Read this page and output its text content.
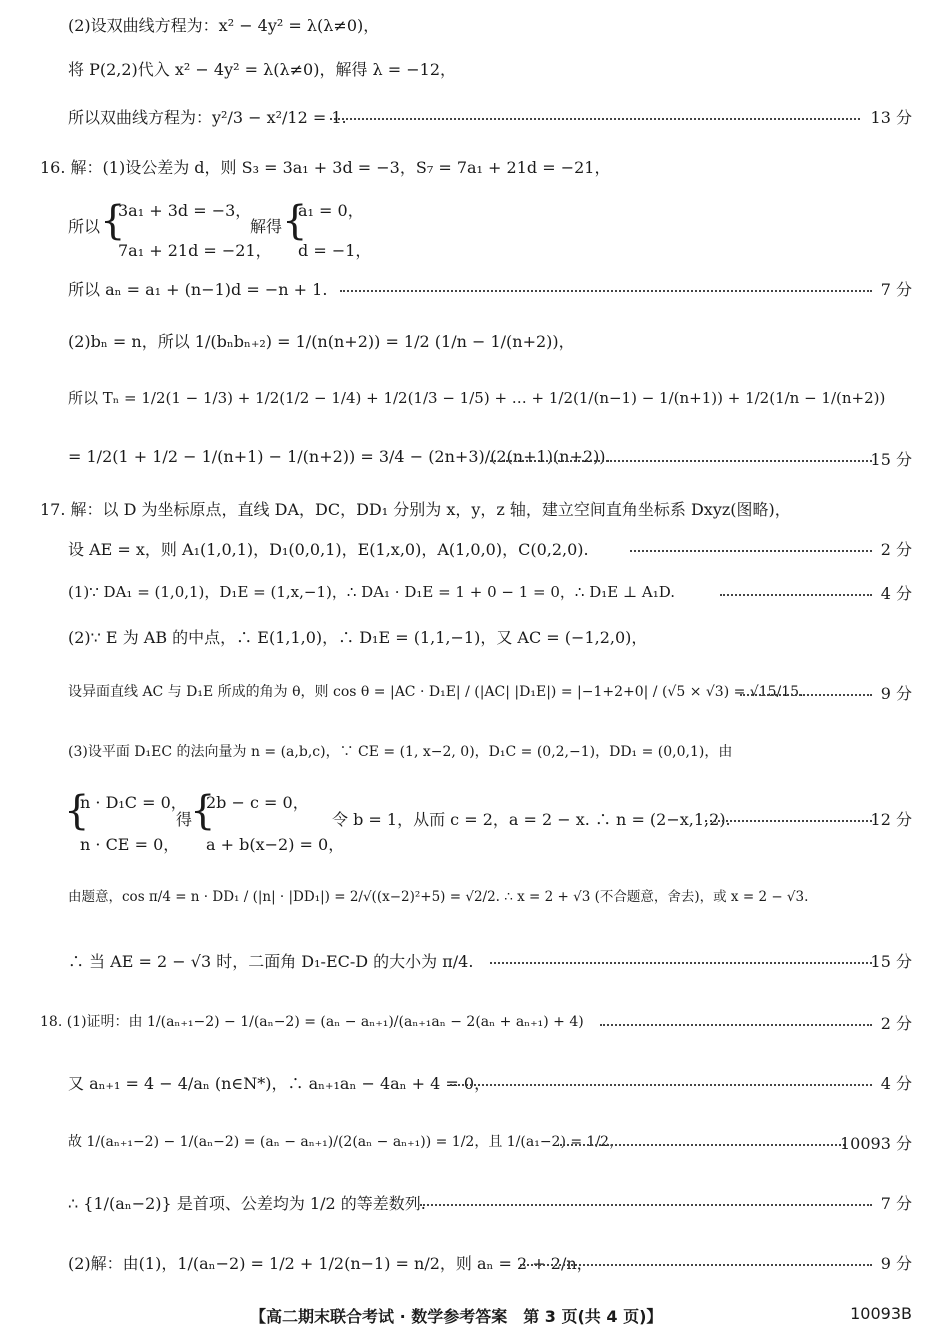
(2)设双曲线方程为：x² − 4y² = λ(λ≠0)，
将 P(2,2)代入 x² − 4y² = λ(λ≠0)，解得 λ = −12，
所以双曲线方程为：y²/3 − x²/12 = 1.	13 分
16. 解：(1)设公差为 d，则 S₃ = 3a₁ + 3d = −3，S₇ = 7a₁ + 21d = −21，
所以 {
3a₁ + 3d = −3，
7a₁ + 21d = −21，
解得 {
a₁ = 0，
d = −1，
所以 aₙ = a₁ + (n−1)d = −n + 1.	7 分
(2)bₙ = n，所以 1/(bₙbₙ₊₂) = 1/(n(n+2)) = 1/2 (1/n − 1/(n+2))，
所以 Tₙ = 1/2(1 − 1/3) + 1/2(1/2 − 1/4) + 1/2(1/3 − 1/5) + … + 1/2(1/(n−1) − 1/(n+1)) + 1/2(1/n − 1/(n+2))
= 1/2(1 + 1/2 − 1/(n+1) − 1/(n+2)) = 3/4 − (2n+3)/(2(n+1)(n+2)).	15 分
17. 解：以 D 为坐标原点，直线 DA，DC，DD₁ 分别为 x，y，z 轴，建立空间直角坐标系 Dxyz(图略)，
设 AE = x，则 A₁(1,0,1)，D₁(0,0,1)，E(1,x,0)，A(1,0,0)，C(0,2,0).	2 分
(1)∵ DA₁ = (1,0,1)，D₁E = (1,x,−1)，∴ DA₁ · D₁E = 1 + 0 − 1 = 0，∴ D₁E ⊥ A₁D.	4 分
(2)∵ E 为 AB 的中点，∴ E(1,1,0)，∴ D₁E = (1,1,−1)，又 AC = (−1,2,0)，
设异面直线 AC 与 D₁E 所成的角为 θ，则 cos θ = |AC · D₁E| / (|AC| |D₁E|) = |−1+2+0| / (√5 × √3) = √15/15.	9 分
(3)设平面 D₁EC 的法向量为 n = (a,b,c)，∵ CE = (1, x−2, 0)，D₁C = (0,2,−1)，DD₁ = (0,0,1)，由
{
n · D₁C = 0，
n · CE = 0，
得
{
2b − c = 0，
a + b(x−2) = 0，
令 b = 1，从而 c = 2，a = 2 − x. ∴ n = (2−x,1,2).	12 分
由题意，cos π/4 = n · DD₁ / (|n| · |DD₁|) = 2/√((x−2)²+5) = √2/2. ∴ x = 2 + √3 (不合题意，舍去)，或 x = 2 − √3.
∴ 当 AE = 2 − √3 时，二面角 D₁‑EC‑D 的大小为 π/4.	15 分
18. (1)证明：由 1/(aₙ₊₁−2) − 1/(aₙ−2) = (aₙ − aₙ₊₁)/(aₙ₊₁aₙ − 2(aₙ + aₙ₊₁) + 4)	2 分
又 aₙ₊₁ = 4 − 4/aₙ (n∈N*)，∴ aₙ₊₁aₙ − 4aₙ + 4 = 0，	4 分
故 1/(aₙ₊₁−2) − 1/(aₙ−2) = (aₙ − aₙ₊₁)/(2(aₙ − aₙ₊₁)) = 1/2，且 1/(a₁−2) = 1/2，	10093 分
∴ {1/(aₙ−2)} 是首项、公差均为 1/2 的等差数列.	7 分
(2)解：由(1)，1/(aₙ−2) = 1/2 + 1/2(n−1) = n/2，则 aₙ = 2 + 2/n，	9 分
【高二期末联合考试 · 数学参考答案　第 3 页(共 4 页)】	10093B
